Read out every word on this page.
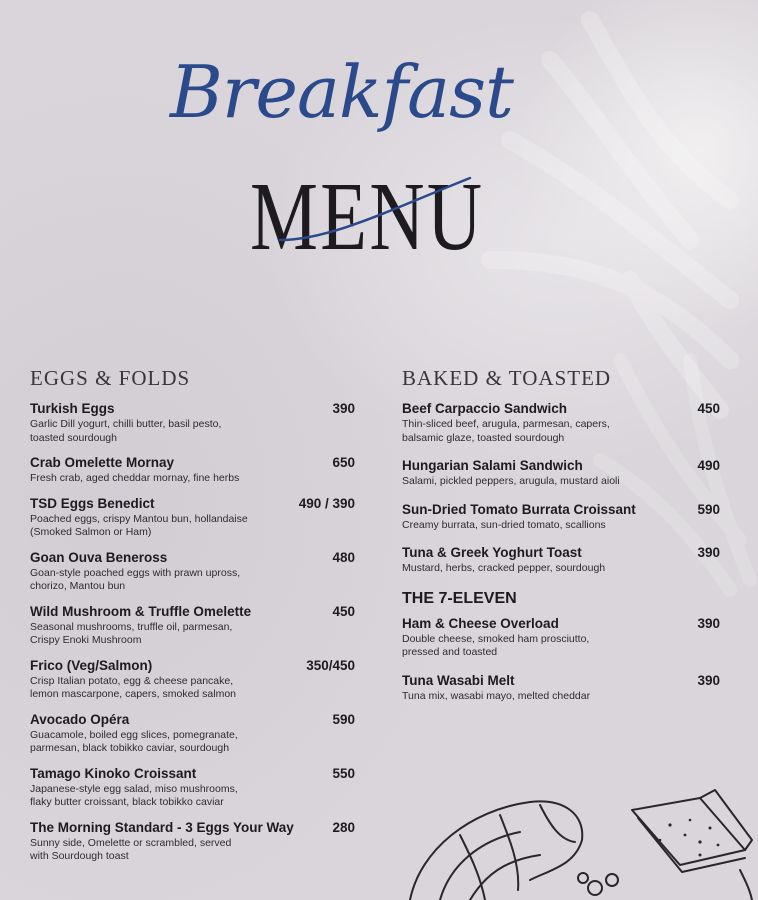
Breakfast
MENU
EGGS & FOLDS
Turkish Eggs	390
Garlic Dill yogurt, chilli butter, basil pesto, toasted sourdough
Crab Omelette Mornay	650
Fresh crab, aged cheddar mornay, fine herbs
TSD Eggs Benedict	490 / 390
Poached eggs, crispy Mantou bun, hollandaise (Smoked Salmon or Ham)
Goan Ouva Beneross	480
Goan-style poached eggs with prawn upross, chorizo, Mantou bun
Wild Mushroom & Truffle Omelette	450
Seasonal mushrooms, truffle oil, parmesan, Crispy Enoki Mushroom
Frico (Veg/Salmon)	350/450
Crisp Italian potato, egg & cheese pancake, lemon mascarpone, capers, smoked salmon
Avocado Opéra	590
Guacamole, boiled egg slices, pomegranate, parmesan, black tobikko caviar, sourdough
Tamago Kinoko Croissant	550
Japanese-style egg salad, miso mushrooms, flaky butter croissant, black tobikko caviar
The Morning Standard - 3 Eggs Your Way	280
Sunny side, Omelette or scrambled, served with Sourdough toast
BAKED & TOASTED
Beef Carpaccio Sandwich	450
Thin-sliced beef, arugula, parmesan, capers, balsamic glaze, toasted sourdough
Hungarian Salami Sandwich	490
Salami, pickled peppers, arugula, mustard aioli
Sun-Dried Tomato Burrata Croissant	590
Creamy burrata, sun-dried tomato, scallions
Tuna & Greek Yoghurt Toast	390
Mustard, herbs, cracked pepper, sourdough
THE 7-ELEVEN
Ham & Cheese Overload	390
Double cheese, smoked ham prosciutto, pressed and toasted
Tuna Wasabi Melt	390
Tuna mix, wasabi mayo, melted cheddar
